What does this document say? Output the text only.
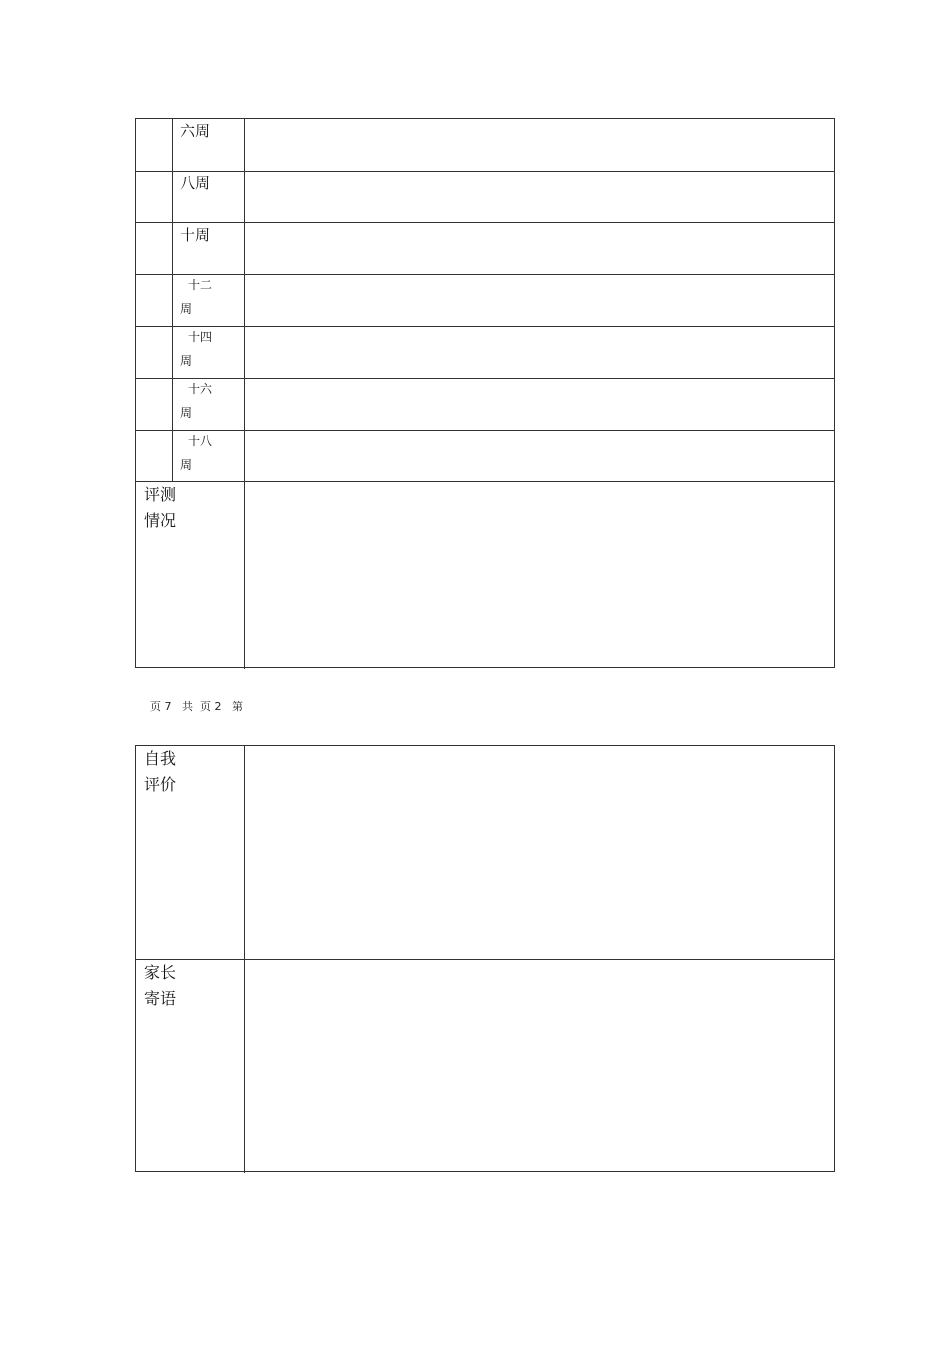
六周
八周
十周
十二
周
十四
周
十六
周
十八
周
评测
情况
页 7   共  页 2   第
自我
评价
家长
寄语
